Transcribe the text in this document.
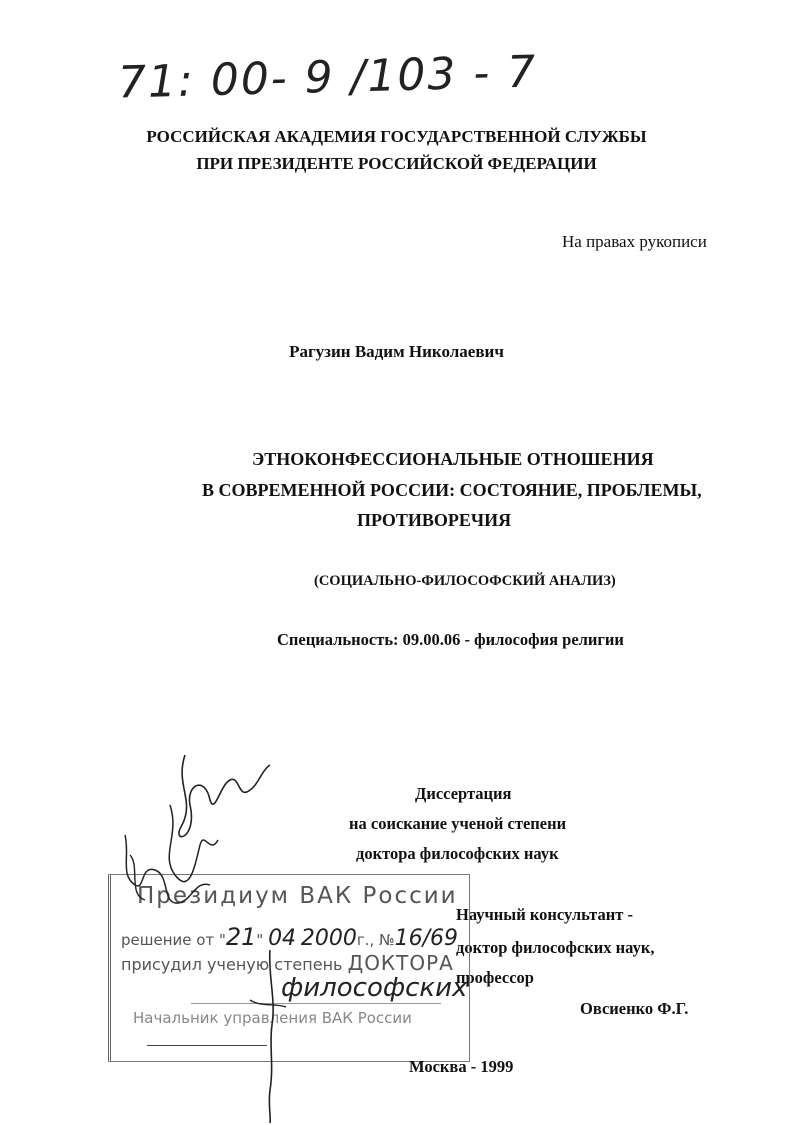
71: 00- 9 /103 - 7
РОССИЙСКАЯ АКАДЕМИЯ ГОСУДАРСТВЕННОЙ СЛУЖБЫ
ПРИ ПРЕЗИДЕНТЕ РОССИЙСКОЙ ФЕДЕРАЦИИ
На правах рукописи
Рагузин Вадим Николаевич
ЭТНОКОНФЕССИОНАЛЬНЫЕ ОТНОШЕНИЯ
В СОВРЕМЕННОЙ РОССИИ: СОСТОЯНИЕ, ПРОБЛЕМЫ,
ПРОТИВОРЕЧИЯ
(СОЦИАЛЬНО-ФИЛОСОФСКИЙ АНАЛИЗ)
Специальность: 09.00.06 - философия религии
Диссертация
на соискание ученой степени
доктора философских наук
Научный консультант -
доктор философских наук,
профессор
Овсиенко Ф.Г.
Президиум ВАК России
решение от "21" 04 2000г., №16/69
присудил ученую степень ДОКТОРА
философских
Начальник управления ВАК России
Москва - 1999
